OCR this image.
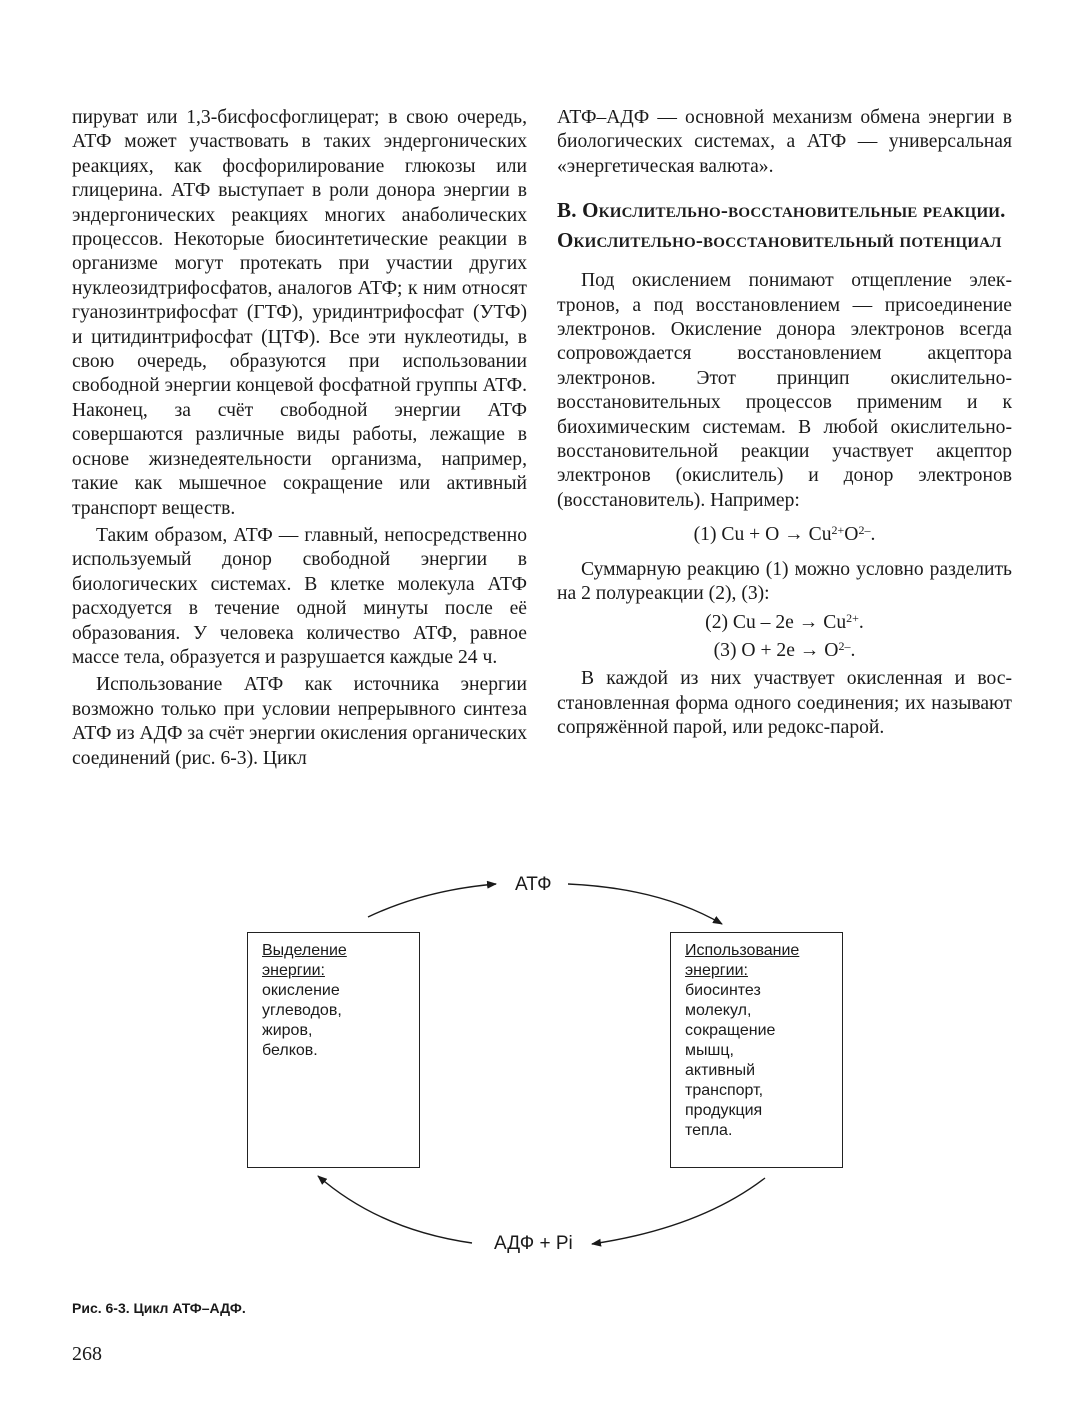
пируват или 1,3-бисфосфоглицерат; в свою очередь, АТФ может участвовать в таких эндергонических реакциях, как фосфорилирование глюкозы или глицерина. АТФ выступает в роли донора энергии в эндергонических реакциях многих анаболических процессов. Некоторые биосинтетические реакции в организме могут протекать при участии других нуклеозидтрифосфатов, аналогов АТФ; к ним относят гуанозинтрифосфат (ГТФ), уридинтрифосфат (УТФ) и цитидинтрифосфат (ЦТФ). Все эти нуклеотиды, в свою очередь, образуются при использовании свободной энергии концевой фосфатной группы АТФ. Наконец, за счёт свободной энергии АТФ совершаются различные виды работы, лежащие в основе жизнедеятельности организма, например, такие как мышечное сокращение или активный транспорт веществ.

Таким образом, АТФ — главный, непосредственно используемый донор свободной энергии в биологических системах. В клетке молекула АТФ расходуется в течение одной минуты после её образования. У человека количество АТФ, равное массе тела, образуется и разрушается каждые 24 ч.

Использование АТФ как источника энергии возможно только при условии непрерывного синтеза АТФ из АДФ за счёт энергии окисления органических соединений (рис. 6-3). Цикл

АТФ–АДФ — основной механизм обмена энергии в биологических системах, а АТФ — универсальная «энергетическая валюта».

В. Окислительно-восстановительные реакции. Окислительно-восстановительный потенциал

Под окислением понимают отщепление электронов, а под восстановлением — присоединение электронов. Окисление донора электронов всегда сопровождается восстановлением акцептора электронов. Этот принцип окислительно-восстановительных процессов применим и к биохимическим системам. В любой окислительно-восстановительной реакции участвует акцептор электронов (окислитель) и донор электронов (восстановитель). Например:

(1) $Cu + O \to Cu^{2+}O^{2-}$.

Суммарную реакцию (1) можно условно разделить на 2 полуреакции (2), (3):

(2) $Cu - 2e \to Cu^{2+}$.

(3) $O + 2e \to O^{2-}$.

В каждой из них участвует окисленная и восстановленная форма одного соединения; их называют сопряжённой парой, или редокс-парой.

АТФ
АДФ + Pi
Выделение
энергии:
окисление
углеводов,
жиров,
белков.
Использование
энергии:
биосинтез
молекул,
сокращение
мышц,
активный
транспорт,
продукция
тепла.
Рис. 6-3. Цикл АТФ–АДФ.
268
